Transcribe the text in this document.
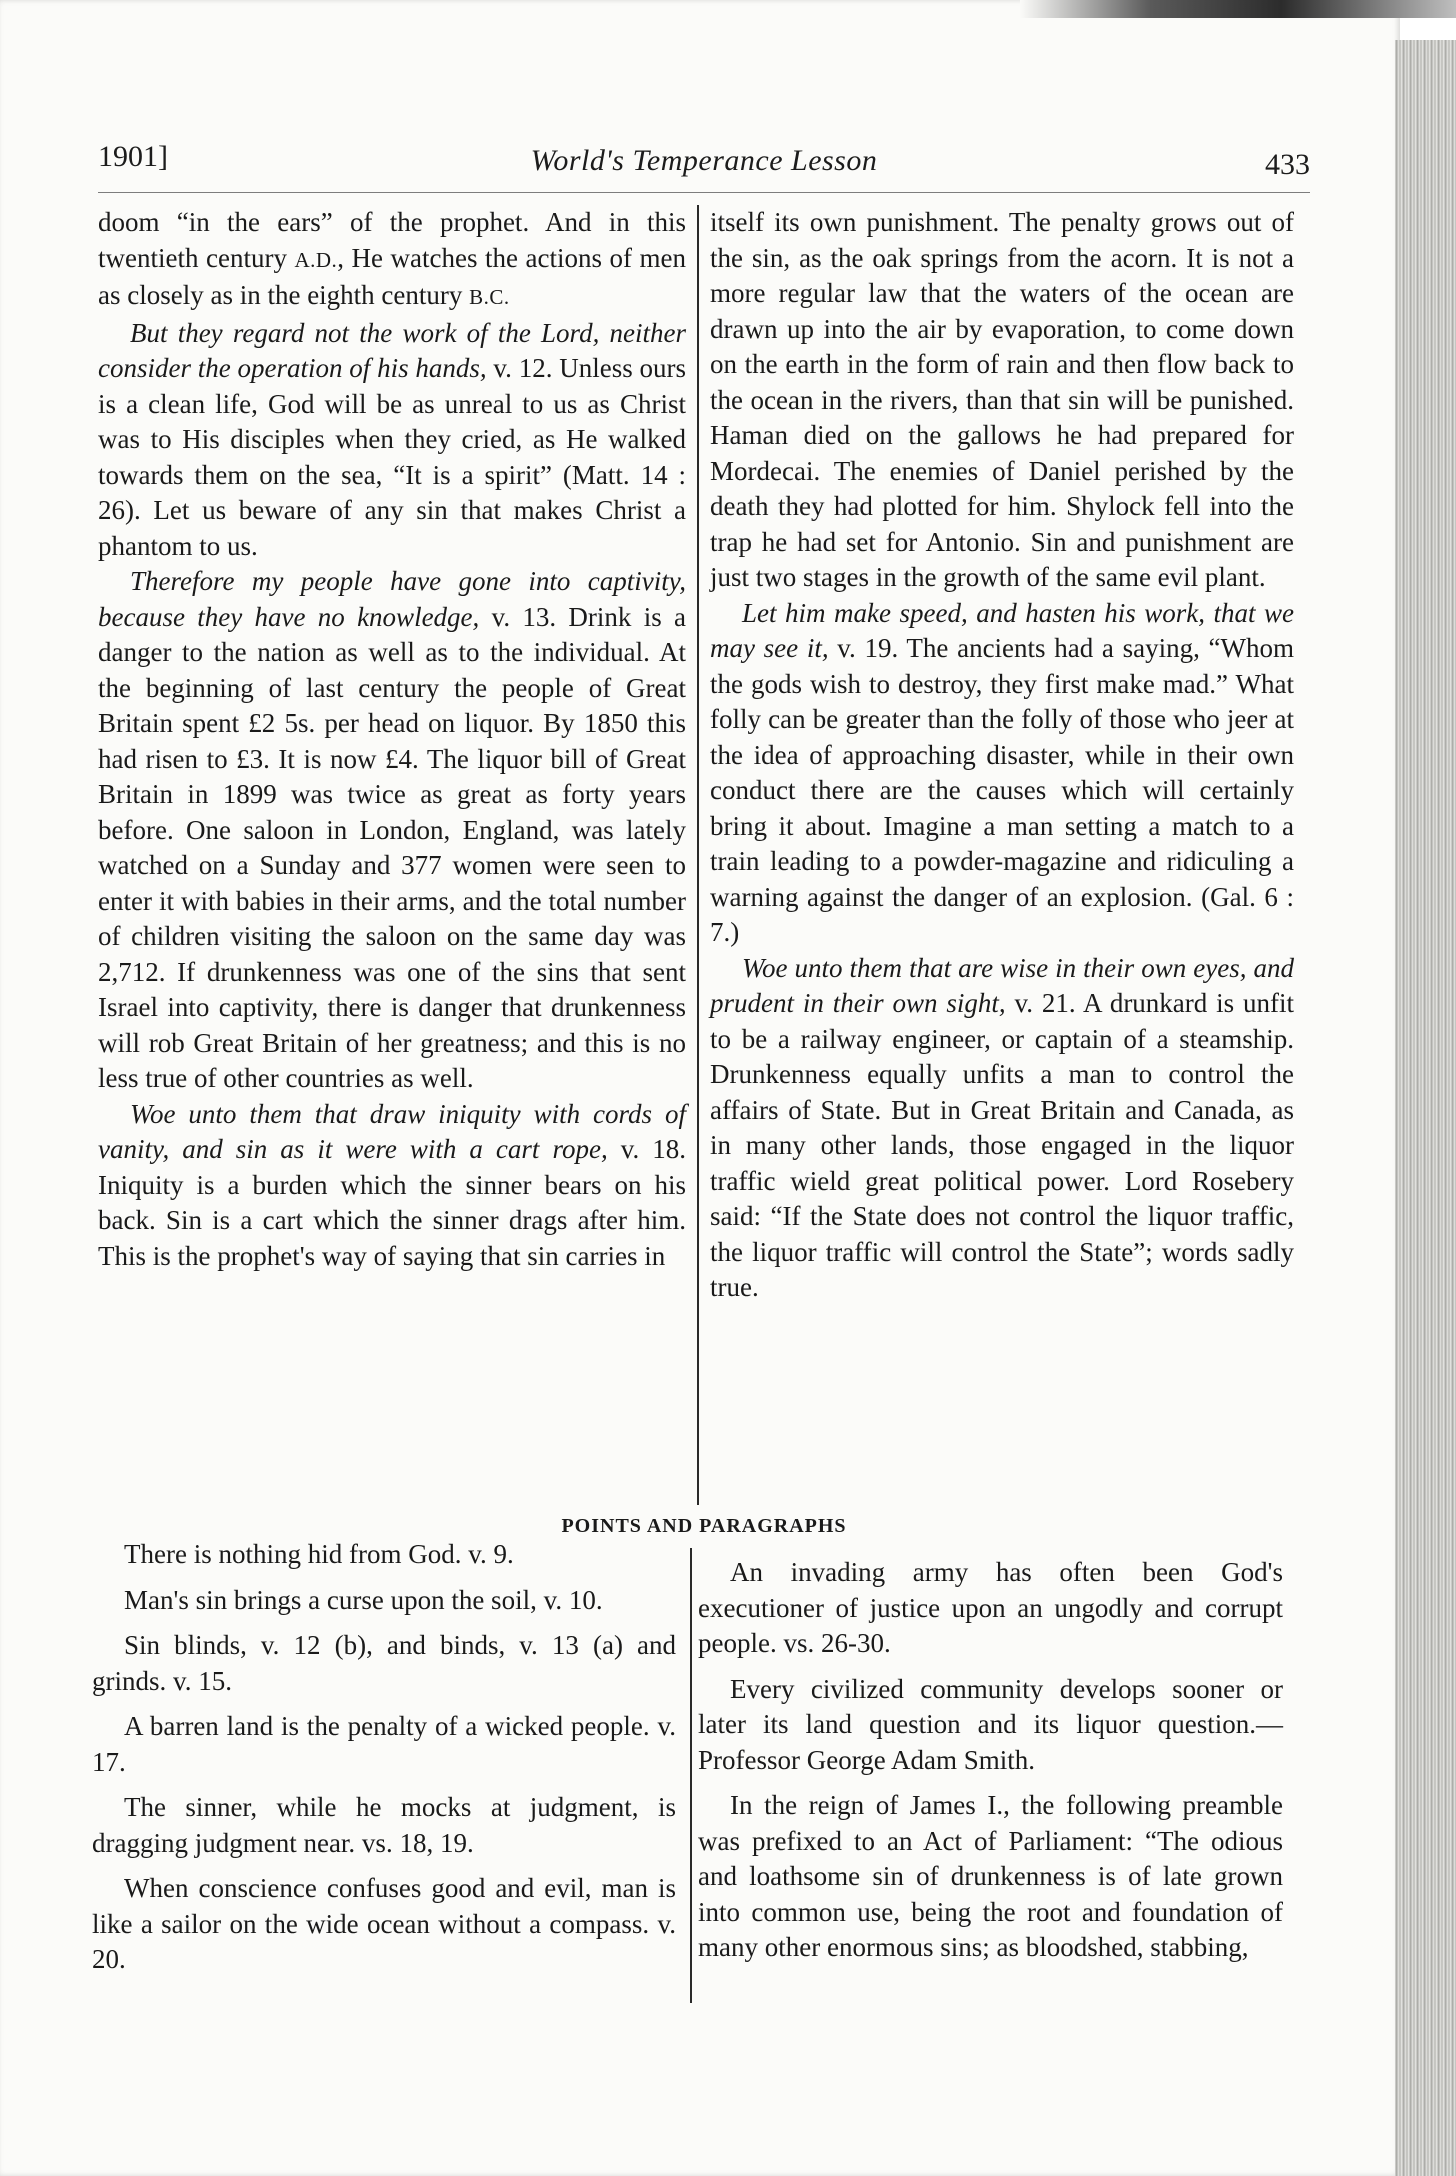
1901]	World's Temperance Lesson	433

doom “in the ears” of the prophet. And in this twentieth century A.D., He watches the actions of men as closely as in the eighth century B.C.

But they regard not the work of the Lord, neither consider the operation of his hands, v. 12. Unless ours is a clean life, God will be as unreal to us as Christ was to His disciples when they cried, as He walked towards them on the sea, “It is a spirit” (Matt. 14 : 26). Let us beware of any sin that makes Christ a phantom to us.

Therefore my people have gone into captivity, because they have no knowledge, v. 13. Drink is a danger to the nation as well as to the individual. At the beginning of last century the people of Great Britain spent £2 5s. per head on liquor. By 1850 this had risen to £3. It is now £4. The liquor bill of Great Britain in 1899 was twice as great as forty years before. One saloon in London, England, was lately watched on a Sunday and 377 women were seen to enter it with babies in their arms, and the total number of children visiting the saloon on the same day was 2,712. If drunkenness was one of the sins that sent Israel into captivity, there is danger that drunkenness will rob Great Britain of her greatness; and this is no less true of other countries as well.

Woe unto them that draw iniquity with cords of vanity, and sin as it were with a cart rope, v. 18. Iniquity is a burden which the sinner bears on his back. Sin is a cart which the sinner drags after him. This is the prophet's way of saying that sin carries in

itself its own punishment. The penalty grows out of the sin, as the oak springs from the acorn. It is not a more regular law that the waters of the ocean are drawn up into the air by evaporation, to come down on the earth in the form of rain and then flow back to the ocean in the rivers, than that sin will be punished. Haman died on the gallows he had prepared for Mordecai. The enemies of Daniel perished by the death they had plotted for him. Shylock fell into the trap he had set for Antonio. Sin and punishment are just two stages in the growth of the same evil plant.

Let him make speed, and hasten his work, that we may see it, v. 19. The ancients had a saying, “Whom the gods wish to destroy, they first make mad.” What folly can be greater than the folly of those who jeer at the idea of approaching disaster, while in their own conduct there are the causes which will certainly bring it about. Imagine a man setting a match to a train leading to a powder-magazine and ridiculing a warning against the danger of an explosion. (Gal. 6 : 7.)

Woe unto them that are wise in their own eyes, and prudent in their own sight, v. 21. A drunkard is unfit to be a railway engineer, or captain of a steamship. Drunkenness equally unfits a man to control the affairs of State. But in Great Britain and Canada, as in many other lands, those engaged in the liquor traffic wield great political power. Lord Rosebery said: “If the State does not control the liquor traffic, the liquor traffic will control the State”; words sadly true.

POINTS AND PARAGRAPHS

There is nothing hid from God. v. 9.

Man's sin brings a curse upon the soil, v. 10.

Sin blinds, v. 12 (b), and binds, v. 13 (a) and grinds. v. 15.

A barren land is the penalty of a wicked people. v. 17.

The sinner, while he mocks at judgment, is dragging judgment near. vs. 18, 19.

When conscience confuses good and evil, man is like a sailor on the wide ocean without a compass. v. 20.

An invading army has often been God's executioner of justice upon an ungodly and corrupt people. vs. 26-30.

Every civilized community develops sooner or later its land question and its liquor question.—Professor George Adam Smith.

In the reign of James I., the following preamble was prefixed to an Act of Parliament: “The odious and loathsome sin of drunkenness is of late grown into common use, being the root and foundation of many other enormous sins; as bloodshed, stabbing,
